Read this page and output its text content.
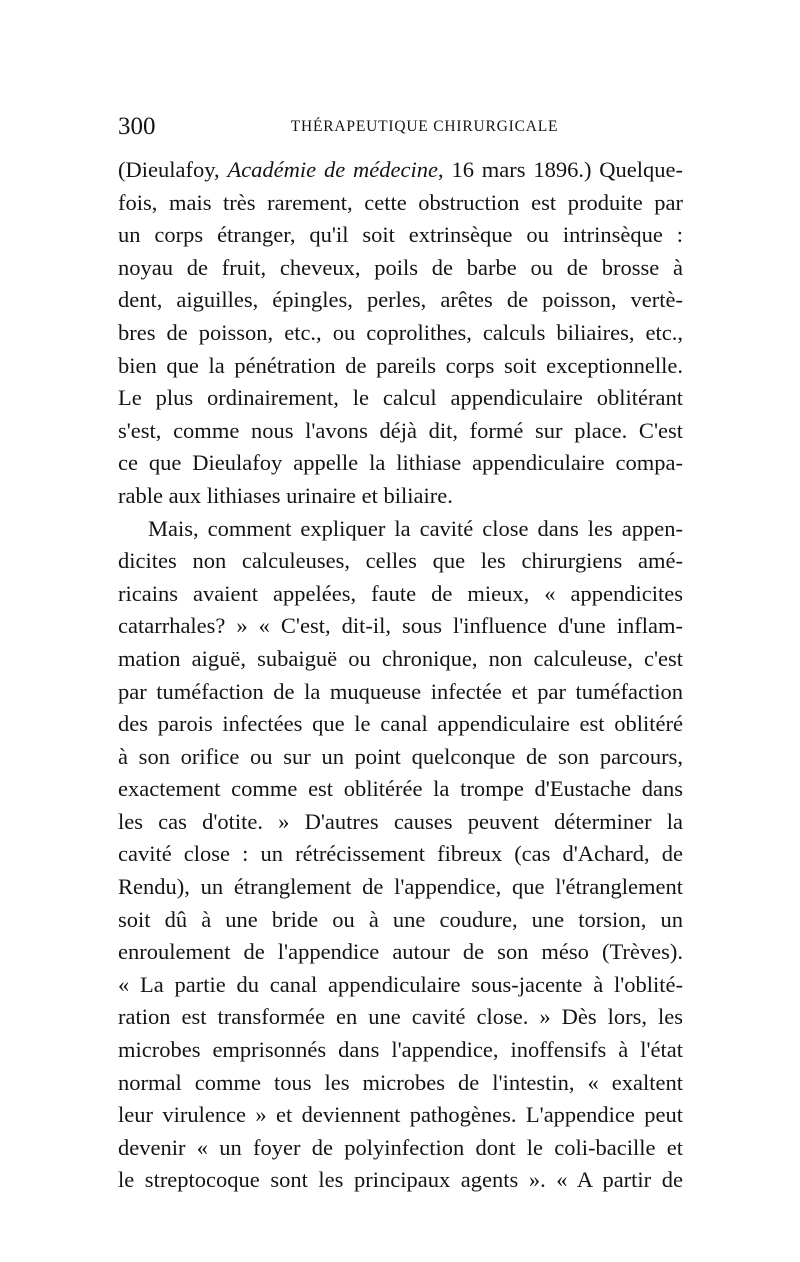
300	THÉRAPEUTIQUE CHIRURGICALE
(Dieulafoy, Académie de médecine, 16 mars 1896.) Quelque-
fois, mais très rarement, cette obstruction est produite par
un corps étranger, qu'il soit extrinsèque ou intrinsèque :
noyau de fruit, cheveux, poils de barbe ou de brosse à
dent, aiguilles, épingles, perles, arêtes de poisson, vertè-
bres de poisson, etc., ou coprolithes, calculs biliaires, etc.,
bien que la pénétration de pareils corps soit exceptionnelle.
Le plus ordinairement, le calcul appendiculaire oblitérant
s'est, comme nous l'avons déjà dit, formé sur place. C'est
ce que Dieulafoy appelle la lithiase appendiculaire compa-
rable aux lithiases urinaire et biliaire.
Mais, comment expliquer la cavité close dans les appen-
dicites non calculeuses, celles que les chirurgiens amé-
ricains avaient appelées, faute de mieux, « appendicites
catarrhales? » « C'est, dit-il, sous l'influence d'une inflam-
mation aiguë, subaiguë ou chronique, non calculeuse, c'est
par tuméfaction de la muqueuse infectée et par tuméfaction
des parois infectées que le canal appendiculaire est oblitéré
à son orifice ou sur un point quelconque de son parcours,
exactement comme est oblitérée la trompe d'Eustache dans
les cas d'otite. » D'autres causes peuvent déterminer la
cavité close : un rétrécissement fibreux (cas d'Achard, de
Rendu), un étranglement de l'appendice, que l'étranglement
soit dû à une bride ou à une coudure, une torsion, un
enroulement de l'appendice autour de son méso (Trèves).
« La partie du canal appendiculaire sous-jacente à l'oblité-
ration est transformée en une cavité close. » Dès lors, les
microbes emprisonnés dans l'appendice, inoffensifs à l'état
normal comme tous les microbes de l'intestin, « exaltent
leur virulence » et deviennent pathogènes. L'appendice peut
devenir « un foyer de polyinfection dont le coli-bacille et
le streptocoque sont les principaux agents ». « A partir de
